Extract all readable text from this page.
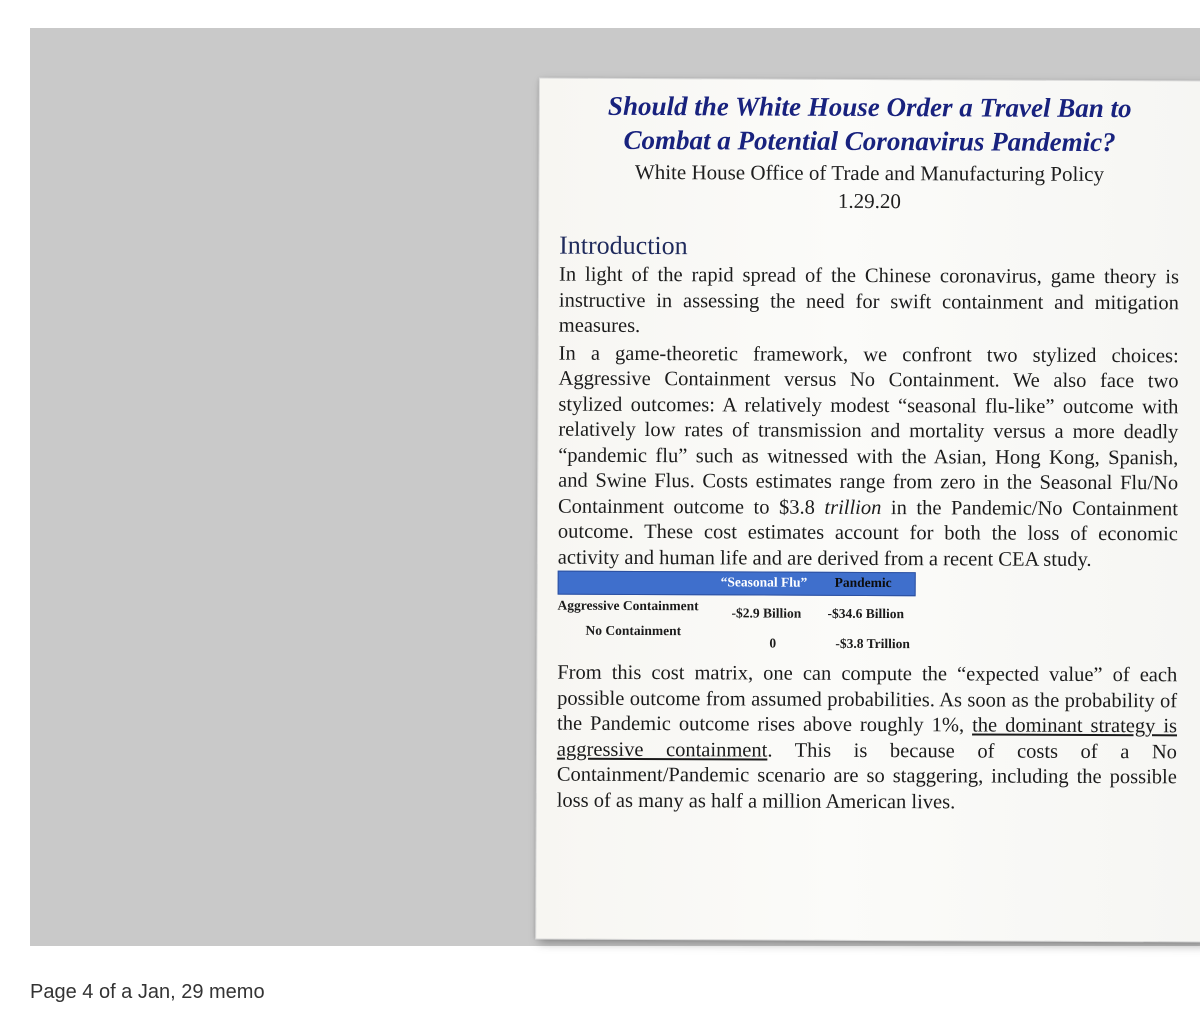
Should the White House Order a Travel Ban to
Combat a Potential Coronavirus Pandemic?

White House Office of Trade and Manufacturing Policy

1.29.20

Introduction

In light of the rapid spread of the Chinese coronavirus, game theory is instructive in assessing the need for swift containment and mitigation measures.

In a game-theoretic framework, we confront two stylized choices: Aggressive Containment versus No Containment. We also face two stylized outcomes: A relatively modest “seasonal flu-like” outcome with relatively low rates of transmission and mortality versus a more deadly “pandemic flu” such as witnessed with the Asian, Hong Kong, Spanish, and Swine Flus. Costs estimates range from zero in the Seasonal Flu/No Containment outcome to $3.8 trillion in the Pandemic/No Containment outcome. These cost estimates account for both the loss of economic activity and human life and are derived from a recent CEA study.

“Seasonal Flu” Pandemic
Aggressive Containment
No Containment
-$2.9 Billion -$34.6 Billion
0	-$3.8 Trillion

From this cost matrix, one can compute the “expected value” of each possible outcome from assumed probabilities. As soon as the probability of the Pandemic outcome rises above roughly 1%, the dominant strategy is aggressive containment. This is because of costs of a No Containment/Pandemic scenario are so staggering, including the possible loss of as many as half a million American lives.

Page 4 of a Jan, 29 memo
